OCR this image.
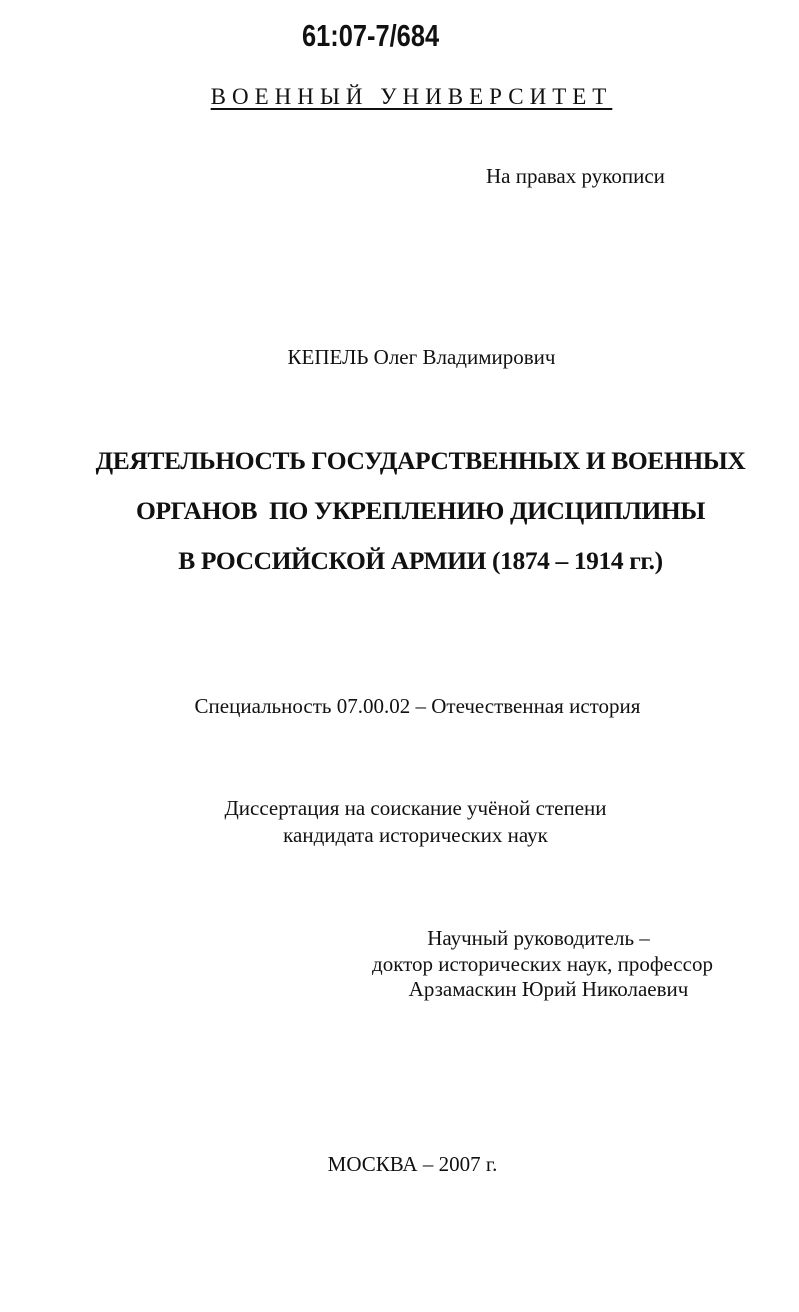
61:07-7/684
ВОЕННЫЙ УНИВЕРСИТЕТ
На правах рукописи
КЕПЕЛЬ Олег Владимирович
ДЕЯТЕЛЬНОСТЬ ГОСУДАРСТВЕННЫХ И ВОЕННЫХ
ОРГАНОВ  ПО УКРЕПЛЕНИЮ ДИСЦИПЛИНЫ
В РОССИЙСКОЙ АРМИИ (1874 – 1914 гг.)
Специальность 07.00.02 – Отечественная история
Диссертация на соискание учёной степени
кандидата исторических наук
Научный руководитель –
доктор исторических наук, профессор
Арзамаскин Юрий Николаевич
МОСКВА – 2007 г.
